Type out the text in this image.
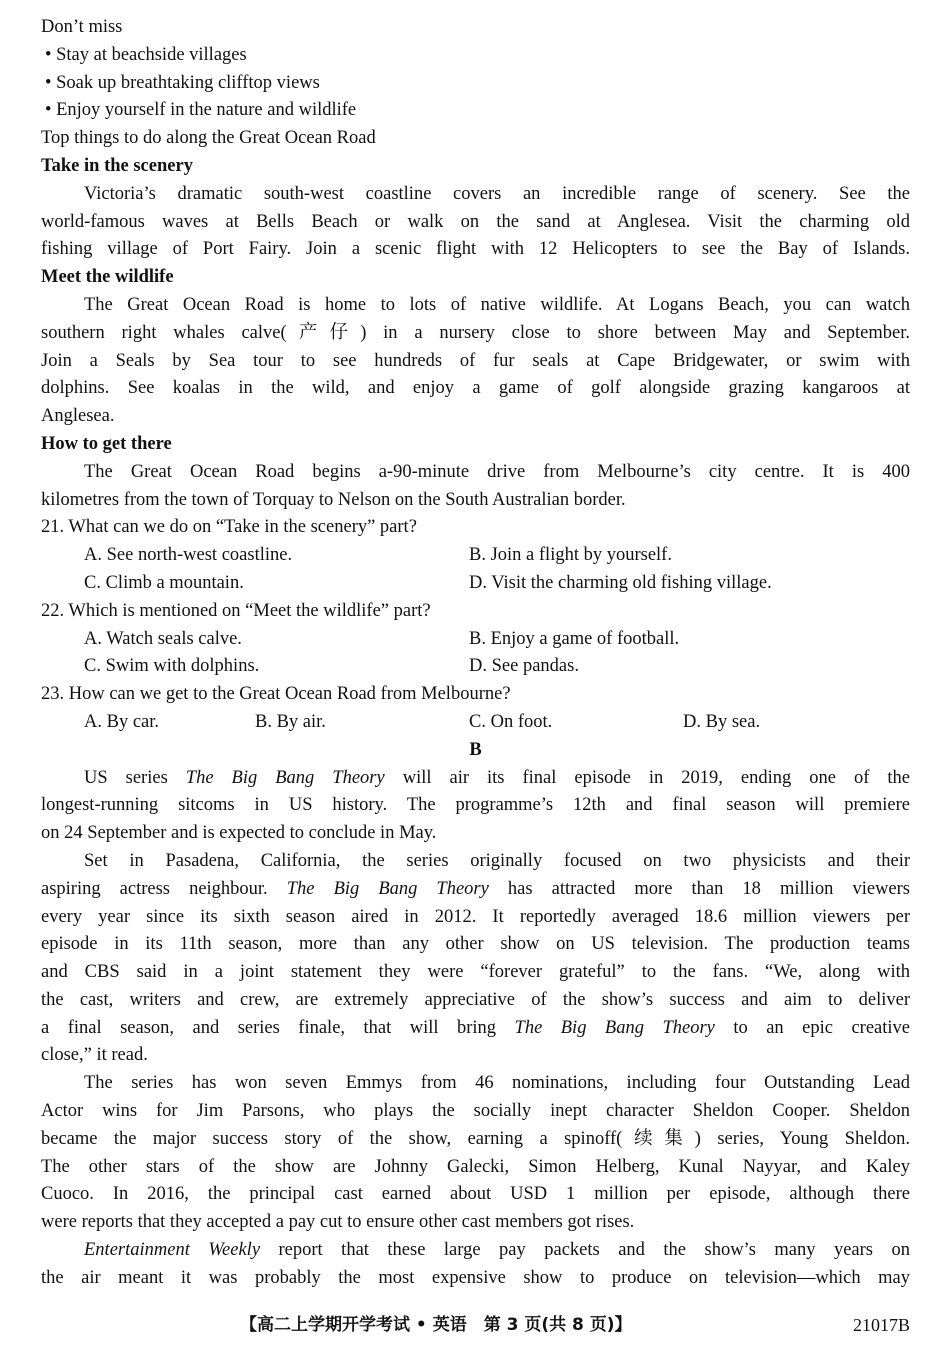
Don’t miss
• Stay at beachside villages
• Soak up breathtaking clifftop views
• Enjoy yourself in the nature and wildlife
Top things to do along the Great Ocean Road
Take in the scenery
Victoria’s dramatic south-west coastline covers an incredible range of scenery. See the
world-famous waves at Bells Beach or walk on the sand at Anglesea. Visit the charming old
fishing village of Port Fairy. Join a scenic flight with 12 Helicopters to see the Bay of Islands.
Meet the wildlife
The Great Ocean Road is home to lots of native wildlife. At Logans Beach, you can watch
southern right whales calve(产仔) in a nursery close to shore between May and September.
Join a Seals by Sea tour to see hundreds of fur seals at Cape Bridgewater, or swim with
dolphins. See koalas in the wild, and enjoy a game of golf alongside grazing kangaroos at
Anglesea.
How to get there
The Great Ocean Road begins a-90-minute drive from Melbourne’s city centre. It is 400
kilometres from the town of Torquay to Nelson on the South Australian border.
21. What can we do on “Take in the scenery” part?
A. See north-west coastline.	B. Join a flight by yourself.
C. Climb a mountain.	D. Visit the charming old fishing village.
22. Which is mentioned on “Meet the wildlife” part?
A. Watch seals calve.	B. Enjoy a game of football.
C. Swim with dolphins.	D. See pandas.
23. How can we get to the Great Ocean Road from Melbourne?
A. By car.	B. By air.	C. On foot.	D. By sea.
B
US series The Big Bang Theory will air its final episode in 2019, ending one of the
longest-running sitcoms in US history. The programme’s 12th and final season will premiere
on 24 September and is expected to conclude in May.
Set in Pasadena, California, the series originally focused on two physicists and their
aspiring actress neighbour. The Big Bang Theory has attracted more than 18 million viewers
every year since its sixth season aired in 2012. It reportedly averaged 18.6 million viewers per
episode in its 11th season, more than any other show on US television. The production teams
and CBS said in a joint statement they were “forever grateful” to the fans. “We, along with
the cast, writers and crew, are extremely appreciative of the show’s success and aim to deliver
a final season, and series finale, that will bring The Big Bang Theory to an epic creative
close,” it read.
The series has won seven Emmys from 46 nominations, including four Outstanding Lead
Actor wins for Jim Parsons, who plays the socially inept character Sheldon Cooper. Sheldon
became the major success story of the show, earning a spinoff(续集) series, Young Sheldon.
The other stars of the show are Johnny Galecki, Simon Helberg, Kunal Nayyar, and Kaley
Cuoco. In 2016, the principal cast earned about USD 1 million per episode, although there
were reports that they accepted a pay cut to ensure other cast members got rises.
Entertainment Weekly report that these large pay packets and the show’s many years on
the air meant it was probably the most expensive show to produce on television—which may
【高二上学期开学考试 • 英语　第 3 页(共 8 页)】	21017B
